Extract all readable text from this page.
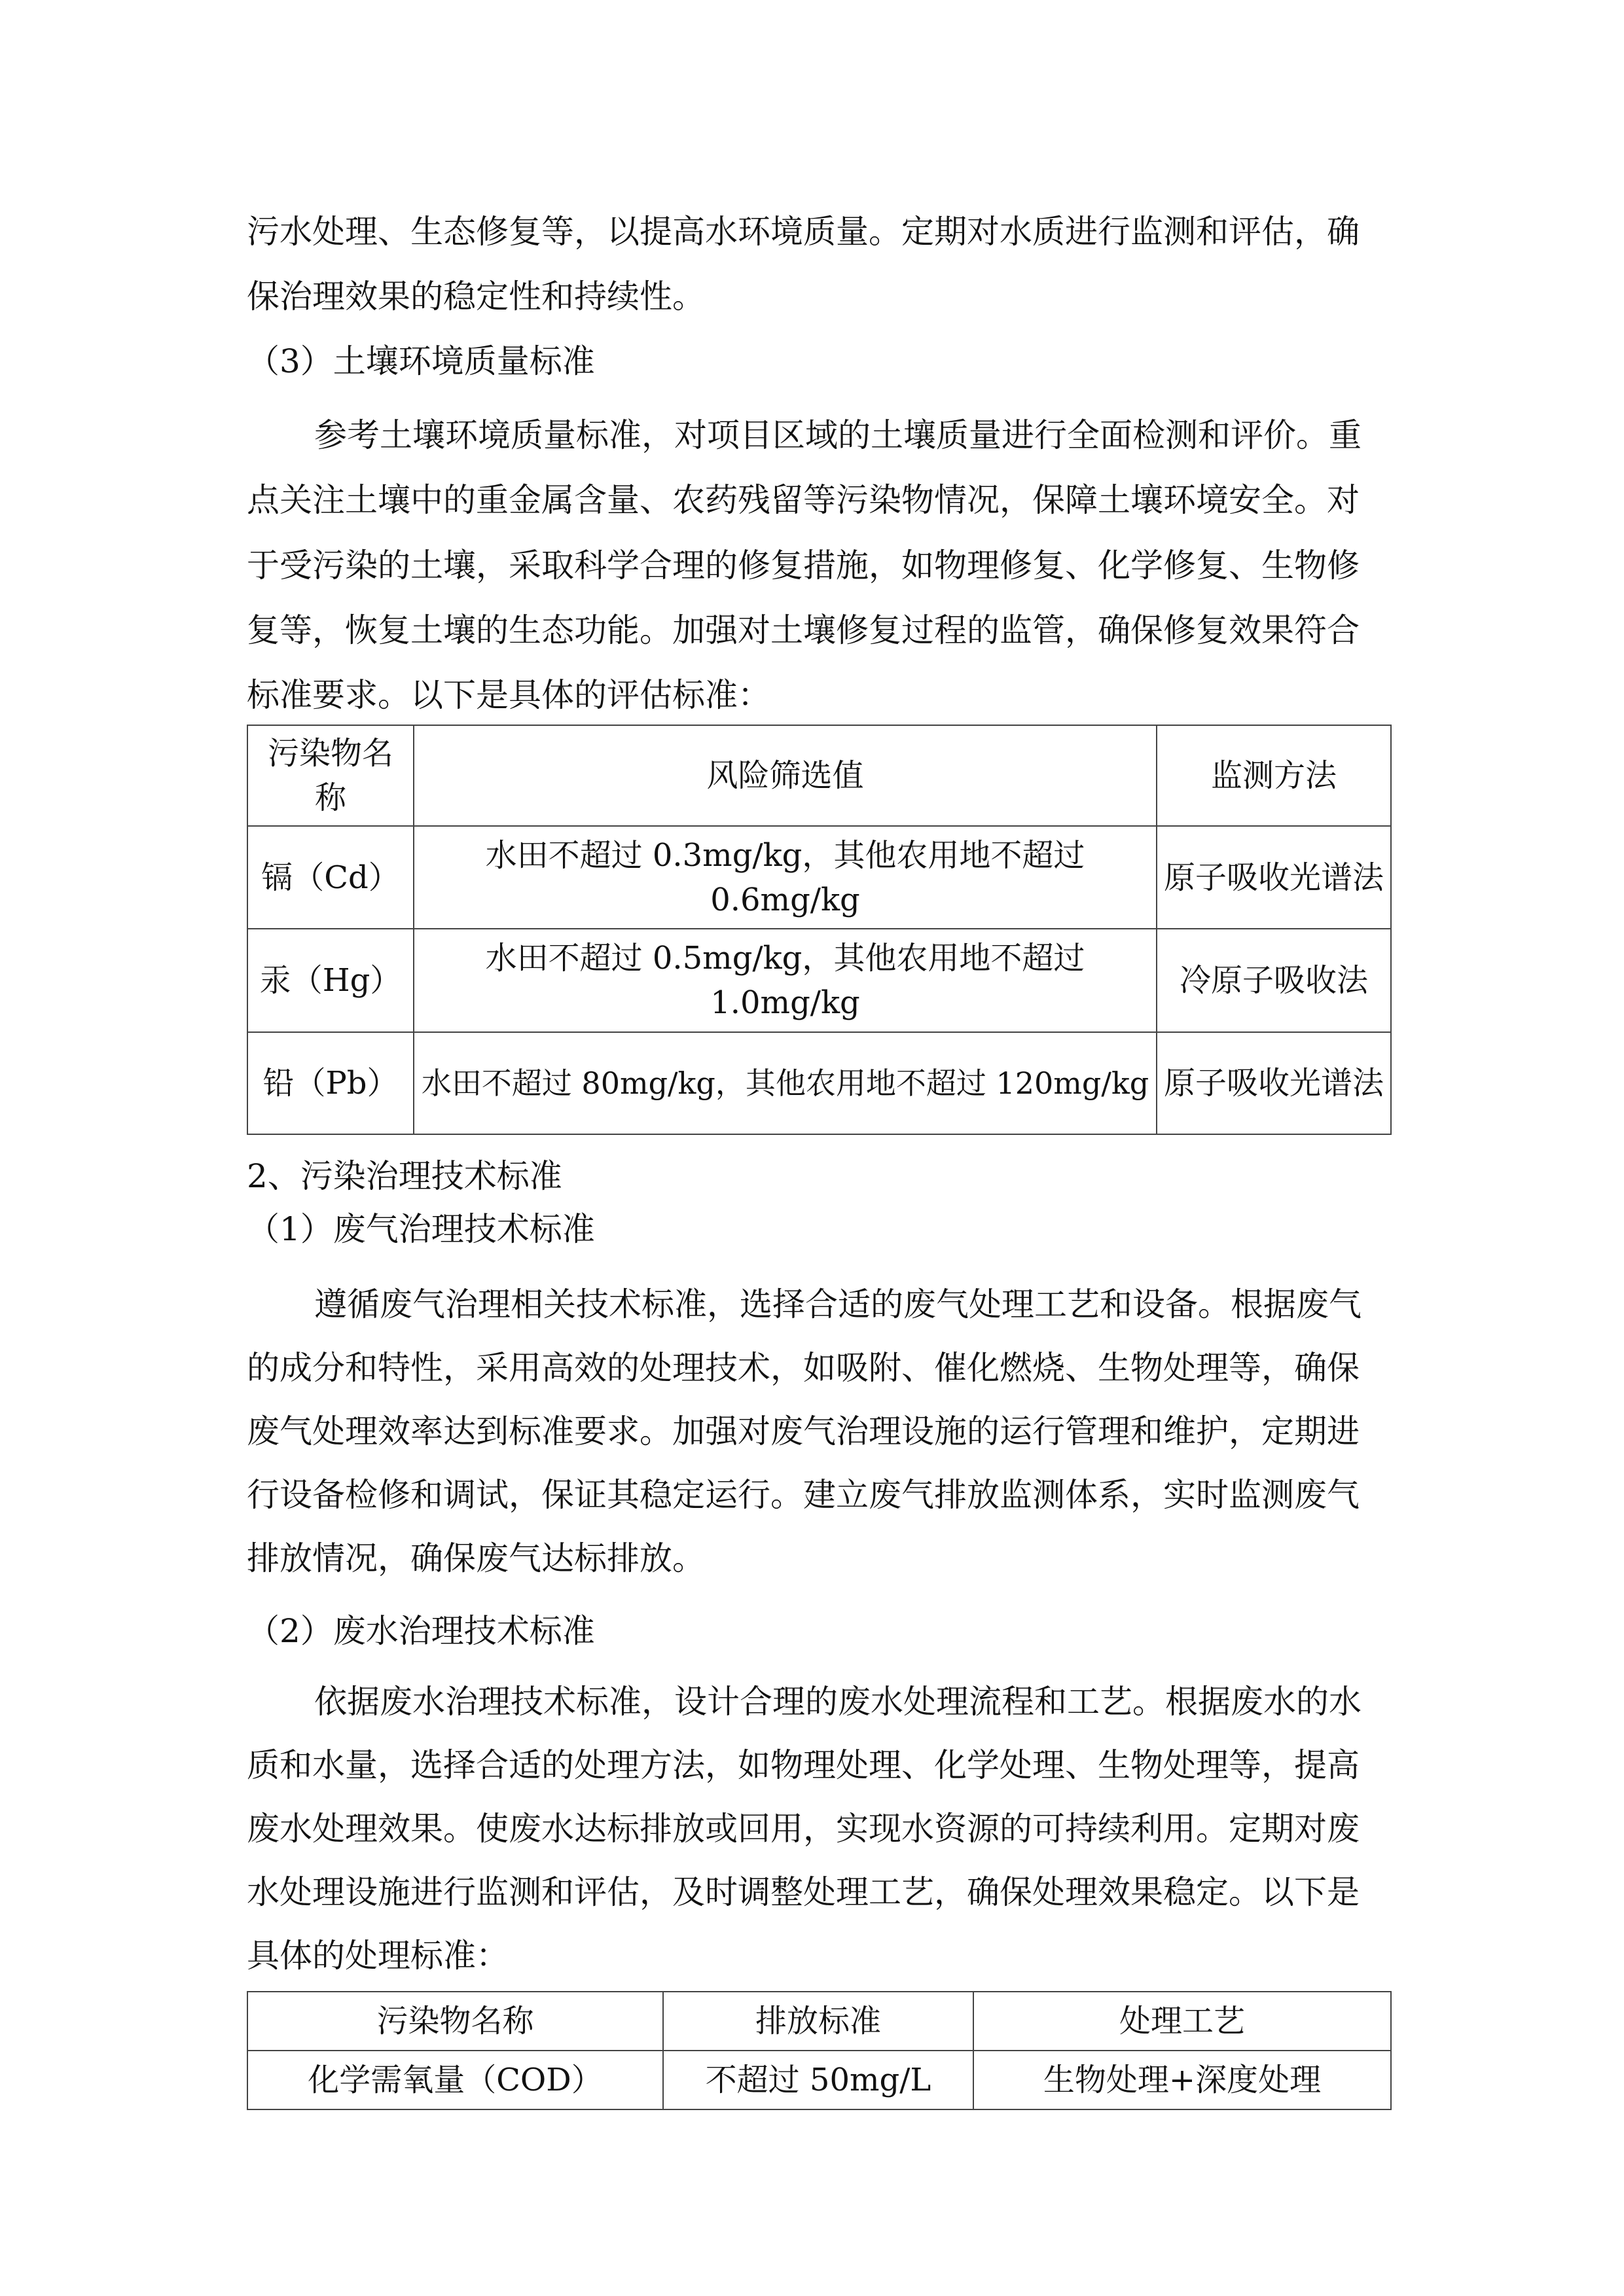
污水处理、生态修复等，以提高水环境质量。定期对水质进行监测和评估，确
保治理效果的稳定性和持续性。
（3）土壤环境质量标准
参考土壤环境质量标准，对项目区域的土壤质量进行全面检测和评价。重
点关注土壤中的重金属含量、农药残留等污染物情况，保障土壤环境安全。对
于受污染的土壤，采取科学合理的修复措施，如物理修复、化学修复、生物修
复等，恢复土壤的生态功能。加强对土壤修复过程的监管，确保修复效果符合
标准要求。以下是具体的评估标准：
污染物名称	风险筛选值	监测方法
镉（Cd）	水田不超过 0.3mg/kg，其他农用地不超过 0.6mg/kg	原子吸收光谱法
汞（Hg）	水田不超过 0.5mg/kg，其他农用地不超过 1.0mg/kg	冷原子吸收法
铅（Pb）	水田不超过 80mg/kg，其他农用地不超过 120mg/kg	原子吸收光谱法
2、污染治理技术标准
（1）废气治理技术标准
遵循废气治理相关技术标准，选择合适的废气处理工艺和设备。根据废气
的成分和特性，采用高效的处理技术，如吸附、催化燃烧、生物处理等，确保
废气处理效率达到标准要求。加强对废气治理设施的运行管理和维护，定期进
行设备检修和调试，保证其稳定运行。建立废气排放监测体系，实时监测废气
排放情况，确保废气达标排放。
（2）废水治理技术标准
依据废水治理技术标准，设计合理的废水处理流程和工艺。根据废水的水
质和水量，选择合适的处理方法，如物理处理、化学处理、生物处理等，提高
废水处理效果。使废水达标排放或回用，实现水资源的可持续利用。定期对废
水处理设施进行监测和评估，及时调整处理工艺，确保处理效果稳定。以下是
具体的处理标准：
污染物名称	排放标准	处理工艺
化学需氧量（COD）	不超过 50mg/L	生物处理+深度处理
